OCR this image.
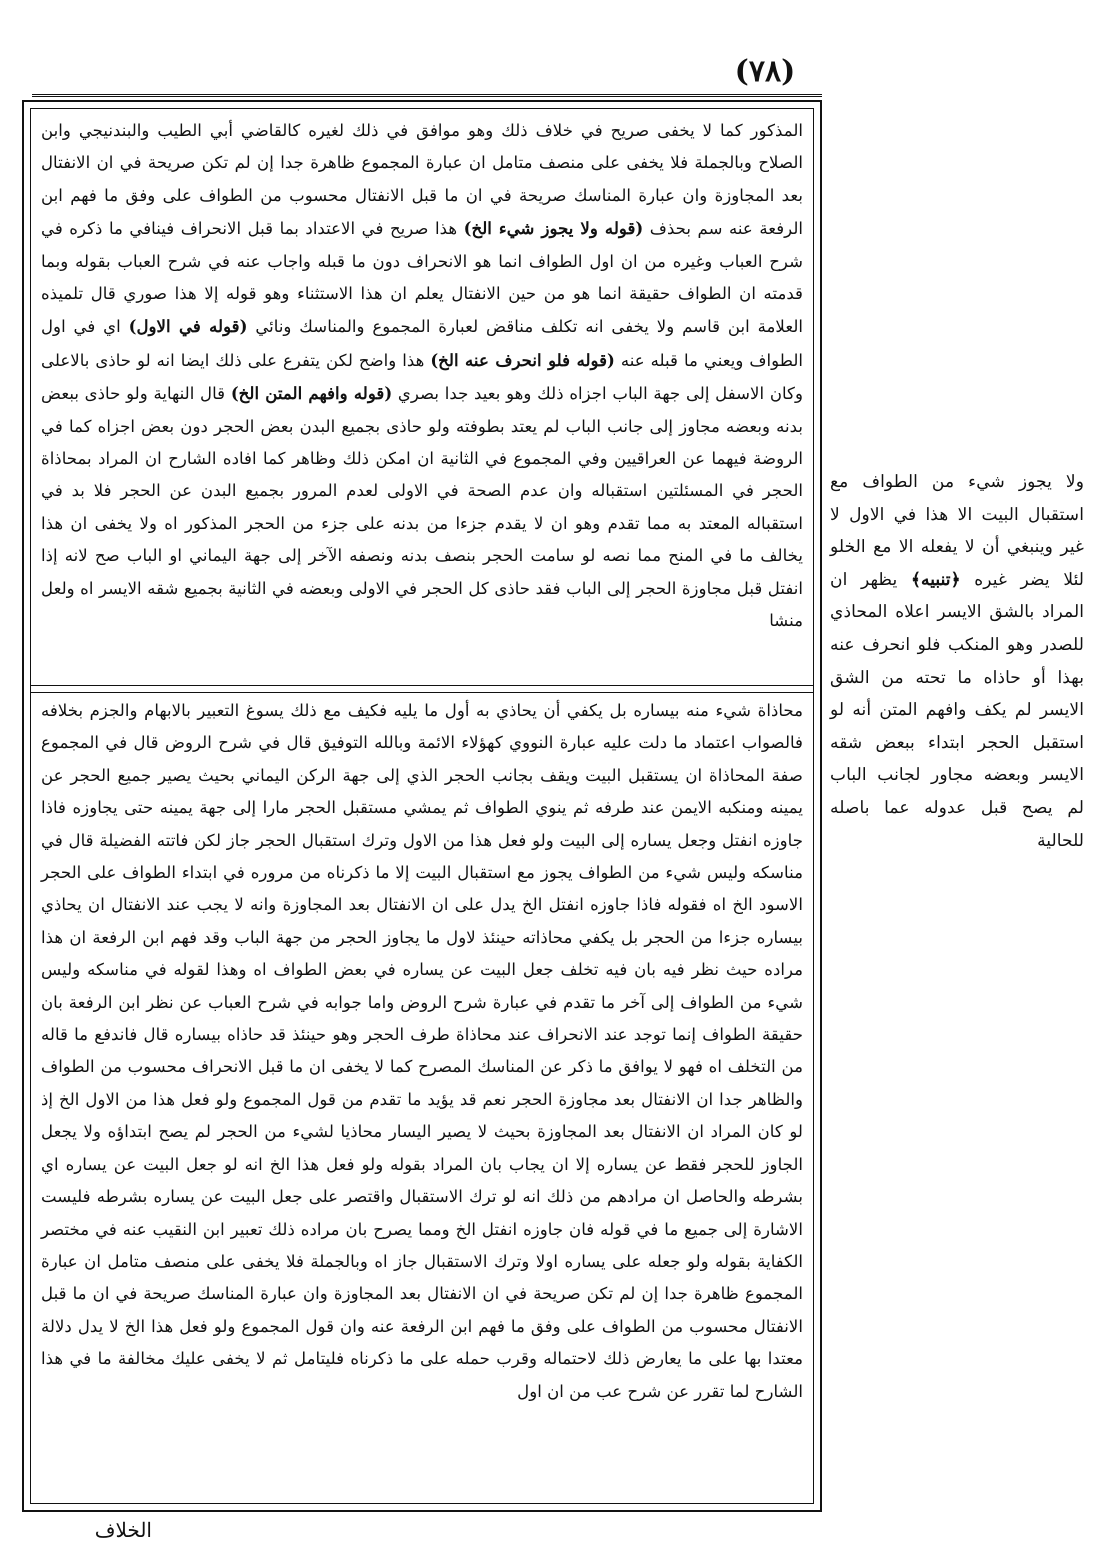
(٧٨)

المذكور كما لا يخفى صريح في خلاف ذلك وهو موافق في ذلك لغيره كالقاضي أبي الطيب والبندنيجي وابن الصلاح وبالجملة فلا يخفى على منصف متامل ان عبارة المجموع ظاهرة جدا إن لم تكن صريحة في ان الانفتال بعد المجاوزة وان عبارة المناسك صريحة في ان ما قبل الانفتال محسوب من الطواف على وفق ما فهم ابن الرفعة عنه سم بحذف (قوله ولا يجوز شيء الخ) هذا صريح في الاعتداد بما قبل الانحراف فينافي ما ذكره في شرح العباب وغيره من ان اول الطواف انما هو الانحراف دون ما قبله واجاب عنه في شرح العباب بقوله وبما قدمته ان الطواف حقيقة انما هو من حين الانفتال يعلم ان هذا الاستثناء وهو قوله إلا هذا صوري قال تلميذه العلامة ابن قاسم ولا يخفى انه تكلف مناقض لعبارة المجموع والمناسك ونائي (قوله في الاول) اي في اول الطواف ويعني ما قبله عنه (قوله فلو انحرف عنه الخ) هذا واضح لكن يتفرع على ذلك ايضا انه لو حاذى بالاعلى وكان الاسفل إلى جهة الباب اجزاه ذلك وهو بعيد جدا بصري (قوله وافهم المتن الخ) قال النهاية ولو حاذى ببعض بدنه وبعضه مجاوز إلى جانب الباب لم يعتد بطوفته ولو حاذى بجميع البدن بعض الحجر دون بعض اجزاه كما في الروضة فيهما عن العراقيين وفي المجموع في الثانية ان امكن ذلك وظاهر كما افاده الشارح ان المراد بمحاذاة الحجر في المسئلتين استقباله وان عدم الصحة في الاولى لعدم المرور بجميع البدن عن الحجر فلا بد في استقباله المعتد به مما تقدم وهو ان لا يقدم جزءا من بدنه على جزء من الحجر المذكور اه ولا يخفى ان هذا يخالف ما في المنح مما نصه لو سامت الحجر بنصف بدنه ونصفه الآخر إلى جهة اليماني او الباب صح لانه إذا انفتل قبل مجاوزة الحجر إلى الباب فقد حاذى كل الحجر في الاولى وبعضه في الثانية بجميع شقه الايسر اه ولعل منشا

محاذاة شيء منه بيساره بل يكفي أن يحاذي به أول ما يليه فكيف مع ذلك يسوغ التعبير بالابهام والجزم بخلافه فالصواب اعتماد ما دلت عليه عبارة النووي كهؤلاء الائمة وبالله التوفيق قال في شرح الروض قال في المجموع صفة المحاذاة ان يستقبل البيت ويقف بجانب الحجر الذي إلى جهة الركن اليماني بحيث يصير جميع الحجر عن يمينه ومنكبه الايمن عند طرفه ثم ينوي الطواف ثم يمشي مستقبل الحجر مارا إلى جهة يمينه حتى يجاوزه فاذا جاوزه انفتل وجعل يساره إلى البيت ولو فعل هذا من الاول وترك استقبال الحجر جاز لكن فاتته الفضيلة قال في مناسكه وليس شيء من الطواف يجوز مع استقبال البيت إلا ما ذكرناه من مروره في ابتداء الطواف على الحجر الاسود الخ اه فقوله فاذا جاوزه انفتل الخ يدل على ان الانفتال بعد المجاوزة وانه لا يجب عند الانفتال ان يحاذي بيساره جزءا من الحجر بل يكفي محاذاته حينئذ لاول ما يجاوز الحجر من جهة الباب وقد فهم ابن الرفعة ان هذا مراده حيث نظر فيه بان فيه تخلف جعل البيت عن يساره في بعض الطواف اه وهذا لقوله في مناسكه وليس شيء من الطواف إلى آخر ما تقدم في عبارة شرح الروض واما جوابه في شرح العباب عن نظر ابن الرفعة بان حقيقة الطواف إنما توجد عند الانحراف عند محاذاة طرف الحجر وهو حينئذ قد حاذاه بيساره قال فاندفع ما قاله من التخلف اه فهو لا يوافق ما ذكر عن المناسك المصرح كما لا يخفى ان ما قبل الانحراف محسوب من الطواف والظاهر جدا ان الانفتال بعد مجاوزة الحجر نعم قد يؤيد ما تقدم من قول المجموع ولو فعل هذا من الاول الخ إذ لو كان المراد ان الانفتال بعد المجاوزة بحيث لا يصير اليسار محاذيا لشيء من الحجر لم يصح ابتداؤه ولا يجعل الجاوز للحجر فقط عن يساره إلا ان يجاب بان المراد بقوله ولو فعل هذا الخ انه لو جعل البيت عن يساره اي بشرطه والحاصل ان مرادهم من ذلك انه لو ترك الاستقبال واقتصر على جعل البيت عن يساره بشرطه فليست الاشارة إلى جميع ما في قوله فان جاوزه انفتل الخ ومما يصرح بان مراده ذلك تعبير ابن النقيب عنه في مختصر الكفاية بقوله ولو جعله على يساره اولا وترك الاستقبال جاز اه وبالجملة فلا يخفى على منصف متامل ان عبارة المجموع ظاهرة جدا إن لم تكن صريحة في ان الانفتال بعد المجاوزة وان عبارة المناسك صريحة في ان ما قبل الانفتال محسوب من الطواف على وفق ما فهم ابن الرفعة عنه وان قول المجموع ولو فعل هذا الخ لا يدل دلالة معتدا بها على ما يعارض ذلك لاحتماله وقرب حمله على ما ذكرناه فليتامل ثم لا يخفى عليك مخالفة ما في هذا الشارح لما تقرر عن شرح عب من ان اول

ولا يجوز شيء من الطواف مع استقبال البيت الا هذا في الاول لا غير وينبغي أن لا يفعله الا مع الخلو لئلا يضر غيره ﴿تنبيه﴾ يظهر ان المراد بالشق الايسر اعلاه المحاذي للصدر وهو المنكب فلو انحرف عنه بهذا أو حاذاه ما تحته من الشق الايسر لم يكف وافهم المتن أنه لو استقبل الحجر ابتداء ببعض شقه الايسر وبعضه مجاور لجانب الباب لم يصح قبل عدوله عما باصله للحالية

الخلاف
